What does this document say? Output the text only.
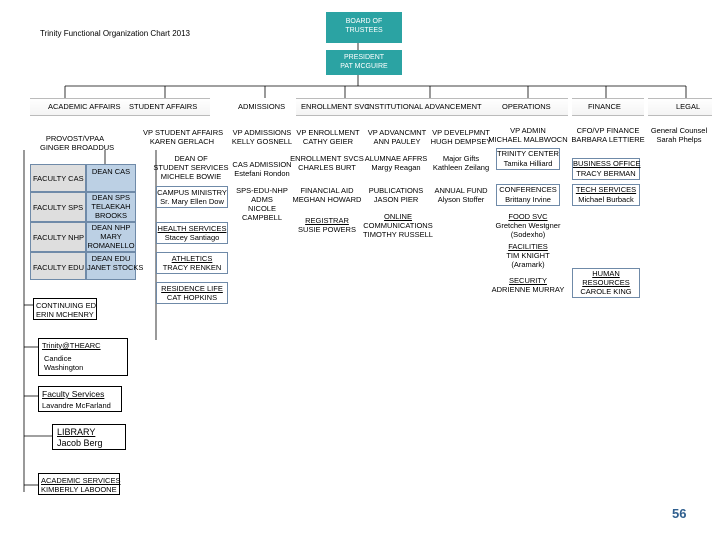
Trinity Functional Organization Chart 2013
BOARD OF
TRUSTEES
PRESIDENT
PAT MCGUIRE
ACADEMIC AFFAIRS STUDENT AFFAIRS	ADMISSIONS ENROLLMENT SVC
INSTITUTIONAL ADVANCEMENT	OPERATIONS	FINANCE	LEGAL
PROVOST/VPAA
GINGER BROADDUS
FACULTY CAS
DEAN CAS
FACULTY SPS
DEAN SPS
TELAEKAH
BROOKS
FACULTY NHP
DEAN NHP
MARY
ROMANELLO
FACULTY EDU
DEAN EDU
JANET STOCKS
CONTINUING ED
ERIN MCHENRY
Trinity@THEARC
Candice
Washington
Faculty Services
Lavandre McFarland
LIBRARY
Jacob Berg
ACADEMIC SERVICES
KIMBERLY LABOONE
VP STUDENT AFFAIRS
KAREN GERLACH
DEAN OF
STUDENT SERVICES
MICHELE BOWIE
CAMPUS MINISTRY
Sr. Mary Ellen Dow
HEALTH SERVICES
Stacey Santiago
ATHLETICS
TRACY RENKEN
RESIDENCE LIFE
CAT HOPKINS
VP ADMISSIONS
KELLY GOSNELL
CAS ADMISSION
Estefani Rondon
SPS-EDU-NHP
ADMS
NICOLE
CAMPBELL
VP ENROLLMENT
CATHY GEIER
ENROLLMENT SVCS
CHARLES BURT
FINANCIAL AID
MEGHAN HOWARD
REGISTRAR
SUSIE POWERS
VP ADVANCMNT
ANN PAULEY
VP DEVELPMNT
HUGH DEMPSEY
ALUMNAE AFFRS
Margy Reagan
Major Gifts
Kathleen Zeilang
PUBLICATIONS
JASON PIER
ANNUAL FUND
Alyson Stoffer
ONLINE
COMMUNICATIONS
TIMOTHY RUSSELL
VP ADMIN
MICHAEL MALBWOCN
TRINITY CENTER
Tamika Hilliard
CONFERENCES
Brittany Irvine
FOOD SVC
Gretchen Westgner
(Sodexho)
FACILITIES
TIM KNIGHT
(Aramark)
SECURITY
ADRIENNE MURRAY
CFO/VP FINANCE
BARBARA LETTIERE
BUSINESS OFFICE
TRACY BERMAN
TECH SERVICES
Michael Burback
HUMAN
RESOURCES
CAROLE KING
General Counsel
Sarah Phelps
56
